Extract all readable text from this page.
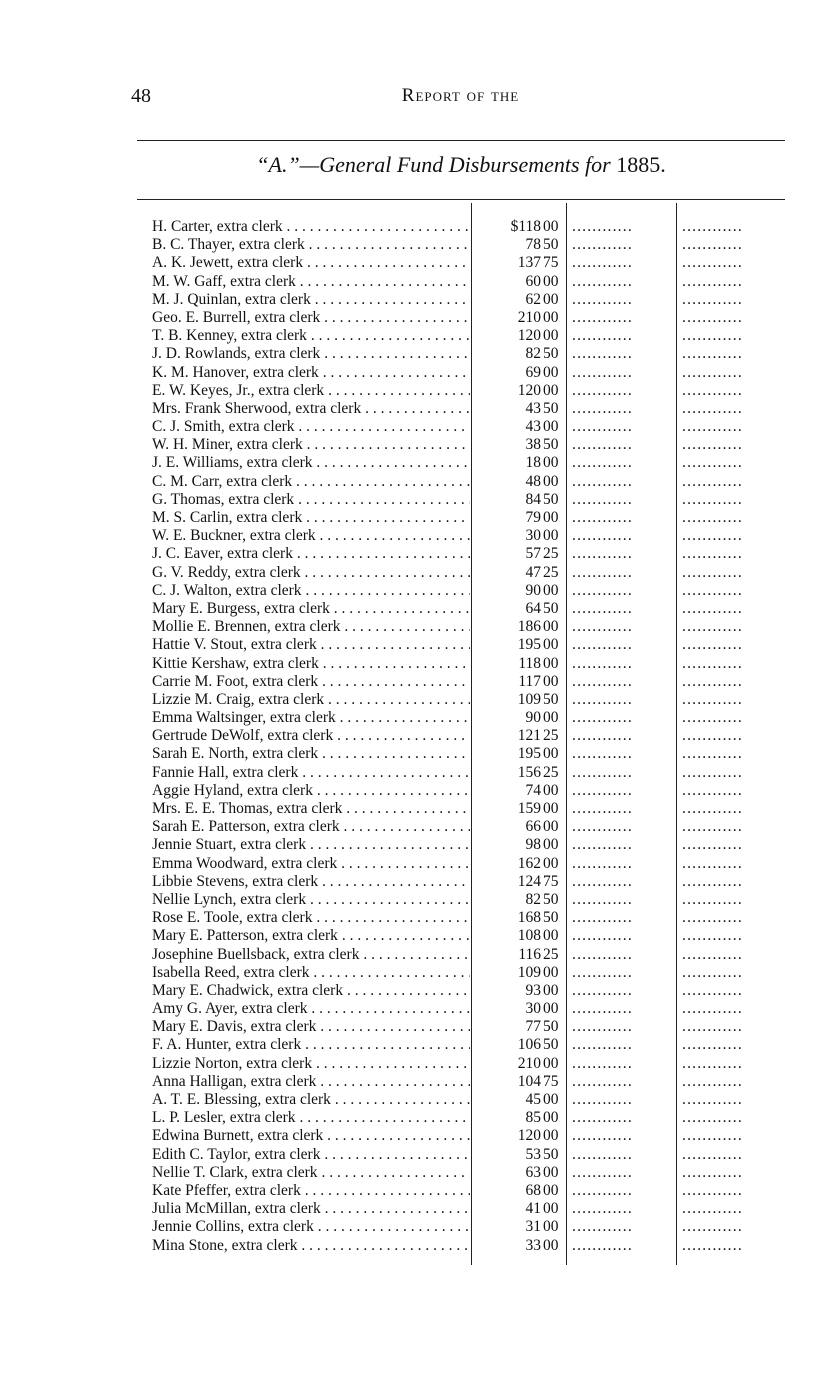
48	Report of the
“A.”—General Fund Disbursements for 1885.
H. Carter, extra clerk . . .	$118 00 ............	............
B. C. Thayer, extra clerk . . .	78 50 ............	............
A. K. Jewett, extra clerk . . .	137 75 ............	............
M. W. Gaff, extra clerk . . .	60 00 ............	............
M. J. Quinlan, extra clerk . . .	62 00 ............	............
Geo. E. Burrell, extra clerk . . .	210 00 ............	............
T. B. Kenney, extra clerk . . .	120 00 ............	............
J. D. Rowlands, extra clerk . . .	82 50 ............	............
K. M. Hanover, extra clerk . . .	69 00 ............	............
E. W. Keyes, Jr., extra clerk . . .	120 00 ............	............
Mrs. Frank Sherwood, extra clerk . . .	43 50 ............	............
C. J. Smith, extra clerk . . .	43 00 ............	............
W. H. Miner, extra clerk . . .	38 50 ............	............
J. E. Williams, extra clerk . . .	18 00 ............	............
C. M. Carr, extra clerk . . .	48 00 ............	............
G. Thomas, extra clerk . . .	84 50 ............	............
M. S. Carlin, extra clerk . . .	79 00 ............	............
W. E. Buckner, extra clerk . . .	30 00 ............	............
J. C. Eaver, extra clerk . . .	57 25 ............	............
G. V. Reddy, extra clerk . . .	47 25 ............	............
C. J. Walton, extra clerk . . .	90 00 ............	............
Mary E. Burgess, extra clerk . . .	64 50 ............	............
Mollie E. Brennen, extra clerk . . .	186 00 ............	............
Hattie V. Stout, extra clerk . . .	195 00 ............	............
Kittie Kershaw, extra clerk . . .	118 00 ............	............
Carrie M. Foot, extra clerk . . .	117 00 ............	............
Lizzie M. Craig, extra clerk . . .	109 50 ............	............
Emma Waltsinger, extra clerk . . .	90 00 ............	............
Gertrude DeWolf, extra clerk . . .	121 25 ............	............
Sarah E. North, extra clerk . . .	195 00 ............	............
Fannie Hall, extra clerk . . .	156 25 ............	............
Aggie Hyland, extra clerk . . .	74 00 ............	............
Mrs. E. E. Thomas, extra clerk . . .	159 00 ............	............
Sarah E. Patterson, extra clerk . . .	66 00 ............	............
Jennie Stuart, extra clerk . . .	98 00 ............	............
Emma Woodward, extra clerk . . .	162 00 ............	............
Libbie Stevens, extra clerk . . .	124 75 ............	............
Nellie Lynch, extra clerk . . .	82 50 ............	............
Rose E. Toole, extra clerk . . .	168 50 ............	............
Mary E. Patterson, extra clerk . . .	108 00 ............	............
Josephine Buellsback, extra clerk . . .	116 25 ............	............
Isabella Reed, extra clerk . . .	109 00 ............	............
Mary E. Chadwick, extra clerk . . .	93 00 ............	............
Amy G. Ayer, extra clerk . . .	30 00 ............	............
Mary E. Davis, extra clerk . . .	77 50 ............	............
F. A. Hunter, extra clerk . . .	106 50 ............	............
Lizzie Norton, extra clerk . . .	210 00 ............	............
Anna Halligan, extra clerk . . .	104 75 ............	............
A. T. E. Blessing, extra clerk . . .	45 00 ............	............
L. P. Lesler, extra clerk . . .	85 00 ............	............
Edwina Burnett, extra clerk . . .	120 00 ............	............
Edith C. Taylor, extra clerk . . .	53 50 ............	............
Nellie T. Clark, extra clerk . . .	63 00 ............	............
Kate Pfeffer, extra clerk . . .	68 00 ............	............
Julia McMillan, extra clerk . . .	41 00 ............	............
Jennie Collins, extra clerk . . .	31 00 ............	............
Mina Stone, extra clerk . . .	33 00 ............	............
